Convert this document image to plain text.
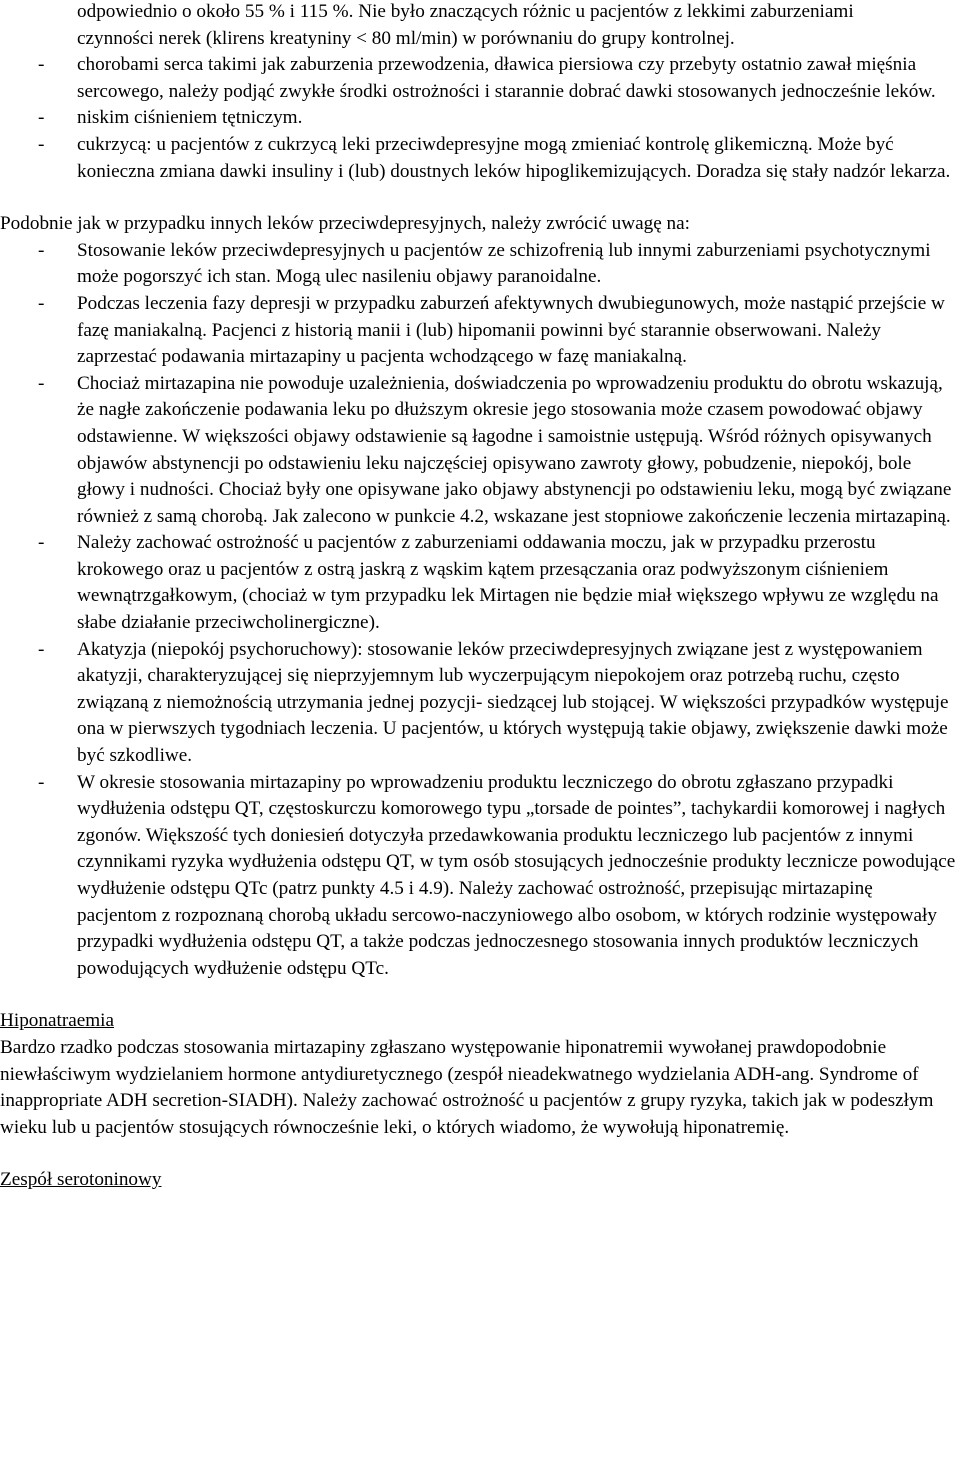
odpowiednio o około 55 % i 115 %. Nie było znaczących różnic u pacjentów z lekkimi zaburzeniami czynności nerek (klirens kreatyniny < 80 ml/min) w porównaniu do grupy kontrolnej.
- chorobami serca takimi jak zaburzenia przewodzenia, dławica piersiowa czy przebyty ostatnio zawał mięśnia sercowego, należy podjąć zwykłe środki ostrożności i starannie dobrać dawki stosowanych jednocześnie leków.
- niskim ciśnieniem tętniczym.
- cukrzycą: u pacjentów z cukrzycą leki przeciwdepresyjne mogą zmieniać kontrolę glikemiczną. Może być konieczna zmiana dawki insuliny i (lub) doustnych leków hipoglikemizujących. Doradza się stały nadzór lekarza.
Podobnie jak w przypadku innych leków przeciwdepresyjnych, należy zwrócić uwagę na:
- Stosowanie leków przeciwdepresyjnych u pacjentów ze schizofrenią lub innymi zaburzeniami psychotycznymi może pogorszyć ich stan. Mogą ulec nasileniu objawy paranoidalne.
- Podczas leczenia fazy depresji w przypadku zaburzeń afektywnych dwubiegunowych, może nastąpić przejście w fazę maniakalną. Pacjenci z historią manii i (lub) hipomanii powinni być starannie obserwowani. Należy zaprzestać podawania mirtazapiny u pacjenta wchodzącego w fazę maniakalną.
- Chociaż mirtazapina nie powoduje uzależnienia, doświadczenia po wprowadzeniu produktu do obrotu wskazują, że nagłe zakończenie podawania leku po dłuższym okresie jego stosowania może czasem powodować objawy odstawienne. W większości objawy odstawienie są łagodne i samoistnie ustępują. Wśród różnych opisywanych objawów abstynencji po odstawieniu leku najczęściej opisywano zawroty głowy, pobudzenie, niepokój, bole głowy i nudności. Chociaż były one opisywane jako objawy abstynencji po odstawieniu leku, mogą być związane również z samą chorobą. Jak zalecono w punkcie 4.2, wskazane jest stopniowe zakończenie leczenia mirtazapiną.
- Należy zachować ostrożność u pacjentów z zaburzeniami oddawania moczu, jak w przypadku przerostu krokowego oraz u pacjentów z ostrą jaskrą z wąskim kątem przesączania oraz podwyższonym ciśnieniem wewnątrzgałkowym, (chociaż w tym przypadku lek Mirtagen nie będzie miał większego wpływu ze względu na słabe działanie przeciwcholinergiczne).
- Akatyzja (niepokój psychoruchowy): stosowanie leków przeciwdepresyjnych związane jest z występowaniem akatyzji, charakteryzującej się nieprzyjemnym lub wyczerpującym niepokojem oraz potrzebą ruchu, często związaną z niemożnością utrzymania jednej pozycji- siedzącej lub stojącej. W większości przypadków występuje ona w pierwszych tygodniach leczenia. U pacjentów, u których występują takie objawy, zwiększenie dawki może być szkodliwe.
- W okresie stosowania mirtazapiny po wprowadzeniu produktu leczniczego do obrotu zgłaszano przypadki wydłużenia odstępu QT, częstoskurczu komorowego typu „torsade de pointes”, tachykardii komorowej i nagłych zgonów. Większość tych doniesień dotyczyła przedawkowania produktu leczniczego lub pacjentów z innymi czynnikami ryzyka wydłużenia odstępu QT, w tym osób stosujących jednocześnie produkty lecznicze powodujące wydłużenie odstępu QTc (patrz punkty 4.5 i 4.9). Należy zachować ostrożność, przepisując mirtazapinę pacjentom z rozpoznaną chorobą układu sercowo-naczyniowego albo osobom, w których rodzinie występowały przypadki wydłużenia odstępu QT, a także podczas jednoczesnego stosowania innych produktów leczniczych powodujących wydłużenie odstępu QTc.
Hiponatraemia
Bardzo rzadko podczas stosowania mirtazapiny zgłaszano występowanie hiponatremii wywołanej prawdopodobnie niewłaściwym wydzielaniem hormone antydiuretycznego (zespół nieadekwatnego wydzielania ADH-ang. Syndrome of inappropriate ADH secretion-SIADH). Należy zachować ostrożność u pacjentów z grupy ryzyka, takich jak w podeszłym wieku lub u pacjentów stosujących równocześnie leki, o których wiadomo, że wywołują hiponatremię.
Zespół serotoninowy
